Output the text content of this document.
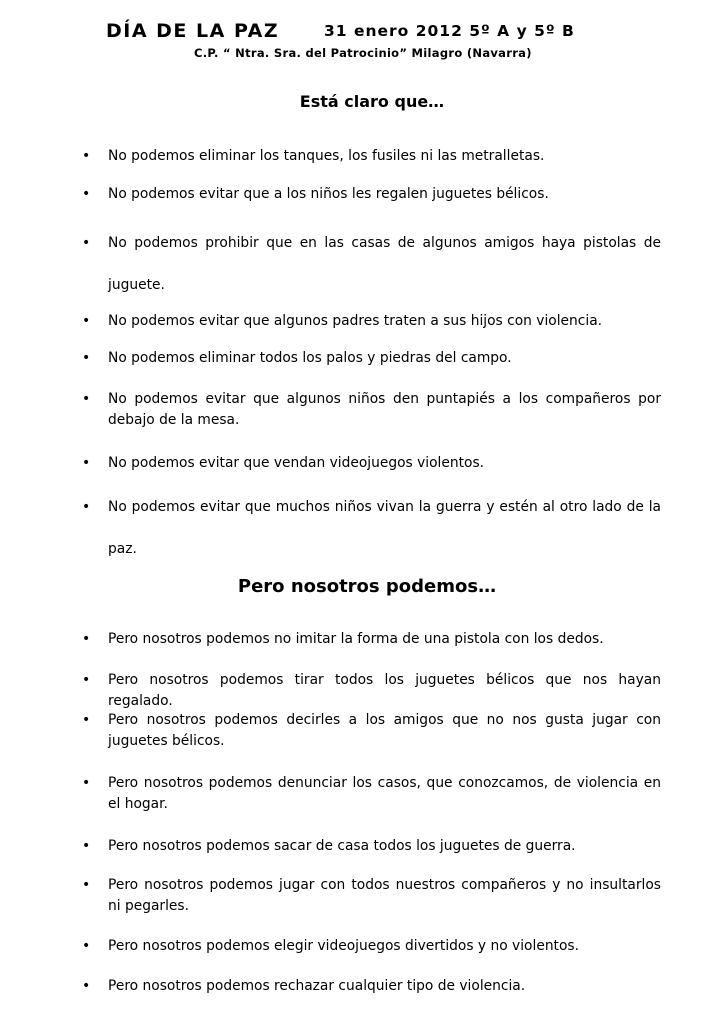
DÍA DE LA PAZ	31 enero 2012 5º A y 5º B
C.P. “ Ntra. Sra. del Patrocinio” Milagro (Navarra)
Está claro que…
• No podemos eliminar los tanques, los fusiles ni las metralletas.
• No podemos evitar que a los niños les regalen juguetes bélicos.
• No podemos prohibir que en las casas de algunos amigos haya pistolas de juguete.
• No podemos evitar que algunos padres traten a sus hijos con violencia.
• No podemos eliminar todos los palos y piedras del campo.
• No podemos evitar que algunos niños den puntapiés a los compañeros por debajo de la mesa.
• No podemos evitar que vendan videojuegos violentos.
• No podemos evitar que muchos niños vivan la guerra y estén al otro lado de la paz.
Pero nosotros podemos…
• Pero nosotros podemos no imitar la forma de una pistola con los dedos.
• Pero nosotros podemos tirar todos los juguetes bélicos que nos hayan regalado.
• Pero nosotros podemos decirles a los amigos que no nos gusta jugar con juguetes bélicos.
• Pero nosotros podemos denunciar los casos, que conozcamos, de violencia en el hogar.
• Pero nosotros podemos sacar de casa todos los juguetes de guerra.
• Pero nosotros podemos jugar con todos nuestros compañeros y no insultarlos ni pegarles.
• Pero nosotros podemos elegir videojuegos divertidos y no violentos.
• Pero nosotros podemos rechazar cualquier tipo de violencia.
